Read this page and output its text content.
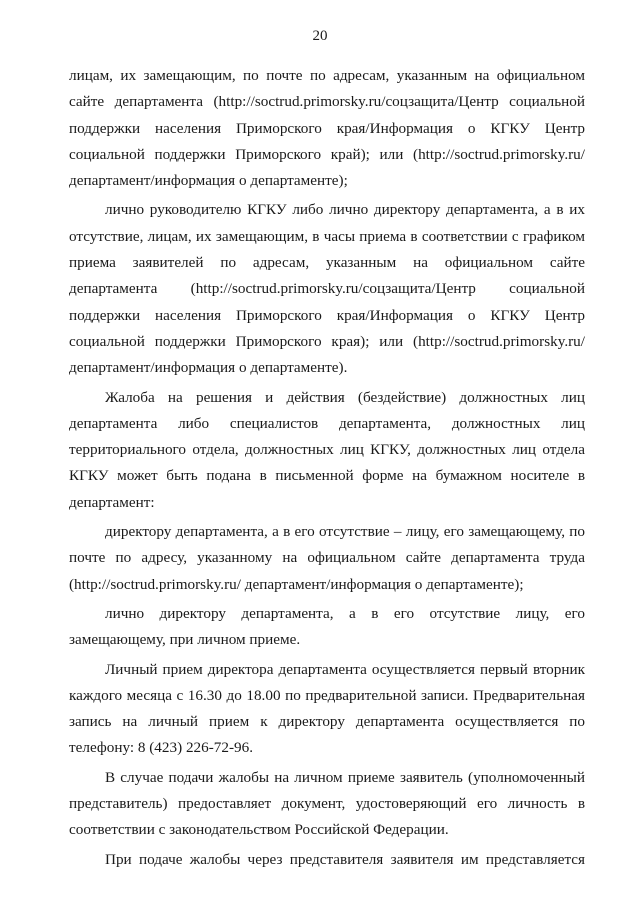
20

лицам, их замещающим, по почте по адресам, указанным на официальном сайте департамента (http://soctrud.primorsky.ru/соцзащита/Центр социальной поддержки населения Приморского края/Информация о КГКУ Центр социальной поддержки Приморского край); или (http://soctrud.primorsky.ru/департамент/информация о департаменте);

лично руководителю КГКУ либо лично директору департамента, а в их отсутствие, лицам, их замещающим, в часы приема в соответствии с графиком приема заявителей по адресам, указанным на официальном сайте департамента (http://soctrud.primorsky.ru/соцзащита/Центр социальной поддержки населения Приморского края/Информация о КГКУ Центр социальной поддержки Приморского края); или (http://soctrud.primorsky.ru/департамент/информация о департаменте).

Жалоба на решения и действия (бездействие) должностных лиц департамента либо специалистов департамента, должностных лиц территориального отдела, должностных лиц КГКУ, должностных лиц отдела КГКУ может быть подана в письменной форме на бумажном носителе в департамент:

директору департамента, а в его отсутствие – лицу, его замещающему, по почте по адресу, указанному на официальном сайте департамента труда (http://soctrud.primorsky.ru/ департамент/информация о департаменте);

лично директору департамента, а в его отсутствие лицу, его замещающему, при личном приеме.

Личный прием директора департамента осуществляется первый вторник каждого месяца с 16.30 до 18.00 по предварительной записи. Предварительная запись на личный прием к директору департамента осуществляется по телефону: 8 (423) 226-72-96.

В случае подачи жалобы на личном приеме заявитель (уполномоченный представитель) предоставляет документ, удостоверяющий его личность в соответствии с законодательством Российской Федерации.

При подаче жалобы через представителя заявителя им представляется
